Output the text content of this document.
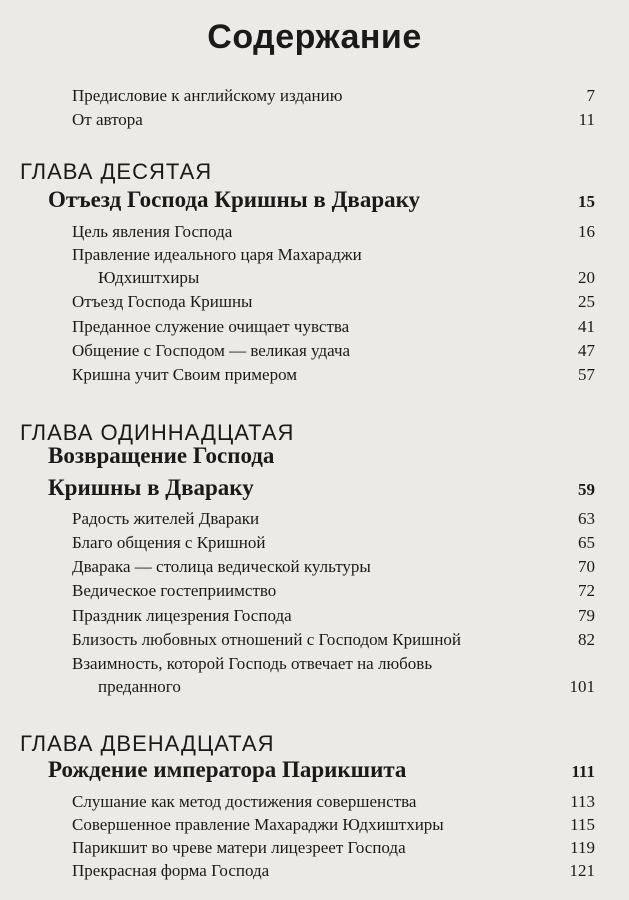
Содержание
Предисловие к английскому изданию	7
От автора	11
ГЛАВА ДЕСЯТАЯ
Отъезд Господа Кришны в Двараку	15
Цель явления Господа	16
Правление идеального царя Махараджи
Юдхиштхиры	20
Отъезд Господа Кришны	25
Преданное служение очищает чувства	41
Общение с Господом — великая удача	47
Кришна учит Своим примером	57
ГЛАВА ОДИННАДЦАТАЯ
Возвращение Господа
Кришны в Двараку	59
Радость жителей Двараки	63
Благо общения с Кришной	65
Дварака — столица ведической культуры	70
Ведическое гостеприимство	72
Праздник лицезрения Господа	79
Близость любовных отношений с Господом Кришной	82
Взаимность, которой Господь отвечает на любовь
преданного	101
ГЛАВА ДВЕНАДЦАТАЯ
Рождение императора Парикшита	111
Слушание как метод достижения совершенства	113
Совершенное правление Махараджи Юдхиштхиры	115
Парикшит во чреве матери лицезреет Господа	119
Прекрасная форма Господа	121
